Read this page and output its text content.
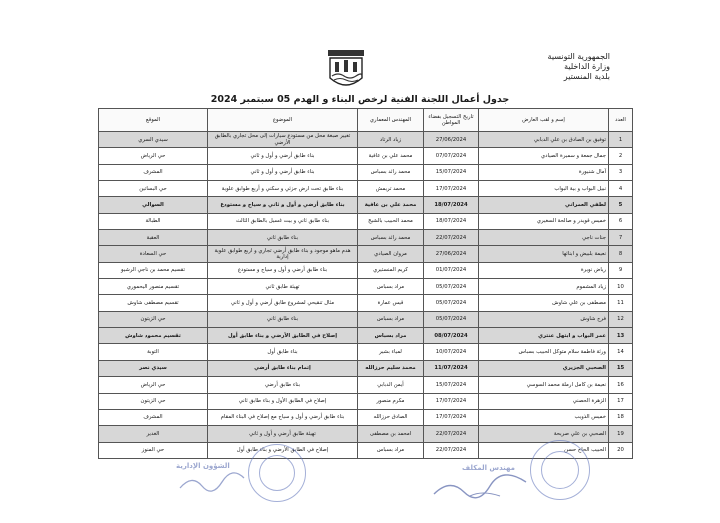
الجمهورية التونسية
وزارة الداخلية
بلدية المنستير
جدول أعمال اللجنة الفنية لرخص البناء و الهدم 05 سبتمبر 2024
العدد	إسم و لقب العارض	تاريخ التسجيل بفضاء المواطن	المهندس المعماري	الموضوع	الموقع
1	توفيق بن الصادق بن علي الدبابي	27/06/2024	زياد الرتاد	تغيير صبغة محل من مستودع سيارات إلى محل تجاري بالطابق الأرضي	سيدي السري
2	جمال جمعة و سميرة الصيادي	07/07/2024	محمد علي بن عافية	بناء طابق أرضي و أول و ثاني	حي الرياض
3	آمال شنيورة	15/07/2024	محمد رائد بسباس	بناء طابق أرضي و أول و ثاني	المشرف
4	نبيل البواب و بية البواب	17/07/2024	محمد تريمش	بناء طابق تحت ارض جزئي و سكني و أربع طوابق علوية	حي البساتين
5	لطفي العمراني	18/07/2024	محمد علي بن عافية	بناء طابق أرضي و أول و ثاني و سياج و مستودع	السوالي
6	خميس قويدر و صالحة السغيري	18/07/2024	محمد الحبيب بالشيخ	بناء طابق ثاني و بيت غسيل بالطابق الثالث	الطبالة
7	جنات ناجي	22/07/2024	محمد رائد بسباس	بناء طابق ثاني	العقبة
8	نعيمة بلبيض و ابنائها	27/06/2024	مروان الصيادي	هدم ماهو موجود و بناء طابق أرضي تجاري و اربع طوابق علوية إدارية	حي السعادة
9	رياض نويرة	01/07/2024	كريم المنستيري	بناء طابق أرضي و أول و سياج و مستودع	تقسيم محمد بن ناجي الرشيو
10	زياد المشموم	05/07/2024	مراد بسباس	تهيئة طابق ثاني	تقسيم منصور اليحموري
11	مصطفى بن علي شاوش	05/07/2024	قيس عمارة	مثال تنقيحي لمشروع طابق أرضي و أول و ثاني	تقسيم مصطفى شاوش
12	فرج شاوش	05/07/2024	مراد بسباس	بناء طابق ثاني	حي الزيتون
13	عمر البواب و ابتهل عنتري	08/07/2024	مراد بسباس	إصلاح في الطابق الأرضي و بناء طابق أول	تقسيم محمود شاوش
14	ورثة فاطمة سلام متوكل الحبيب بسباس	10/07/2024	لمياء بشير	بناء طابق أول	التوبة
15	الصحبي الجزيري	11/07/2024	محمد سليم حرزالله	إتمام بناء طابق أرضي	سيدي نصر
16	نعيمة بن كامل ارملة محمد السوسي	15/07/2024	أيمن الدبابي	بناء طابق أرضي	حي الرياض
17	الزهرة الحصني	17/07/2024	مكرم منصور	إصلاح في الطابق الأول و بناء طابق ثاني	حي الزيتون
18	خميس الذويب	17/07/2024	الصادق حرزالله	بناء طابق أرضي و أول و سياج مع إصلاح في البناء المقام	المشرف
19	الصحبي بن علي صريحة	22/07/2024	امحمد بن مصطفى	تهيئة طابق أرضي و أول و ثاني	الغدير
20	الحبيب الحاج حسن	22/07/2024	مراد بسباس	إصلاح في الطابق الأرضي و بناء طابق أول	حي المنوز
الشؤون الإدارية	مهندس المكلف
